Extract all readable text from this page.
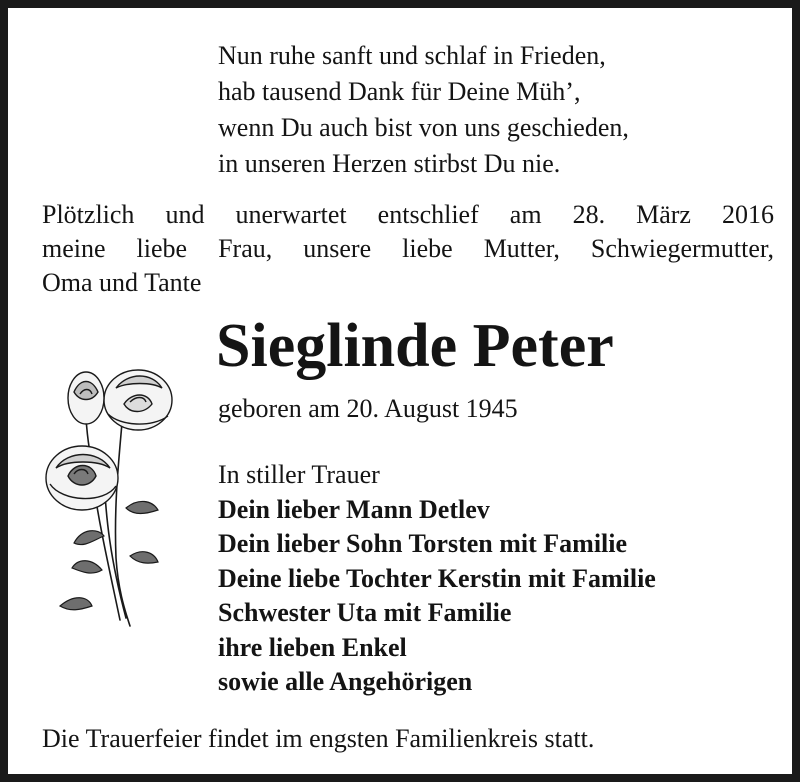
Nun ruhe sanft und schlaf in Frieden,
hab tausend Dank für Deine Müh’,
wenn Du auch bist von uns geschieden,
in unseren Herzen stirbst Du nie.
Plötzlich und unerwartet entschlief am 28. März 2016
meine liebe Frau, unsere liebe Mutter, Schwiegermutter,
Oma und Tante
Sieglinde Peter
geboren am 20. August 1945
In stiller Trauer
Dein lieber Mann Detlev
Dein lieber Sohn Torsten mit Familie
Deine liebe Tochter Kerstin mit Familie
Schwester Uta mit Familie
ihre lieben Enkel
sowie alle Angehörigen
Die Trauerfeier findet im engsten Familienkreis statt.
